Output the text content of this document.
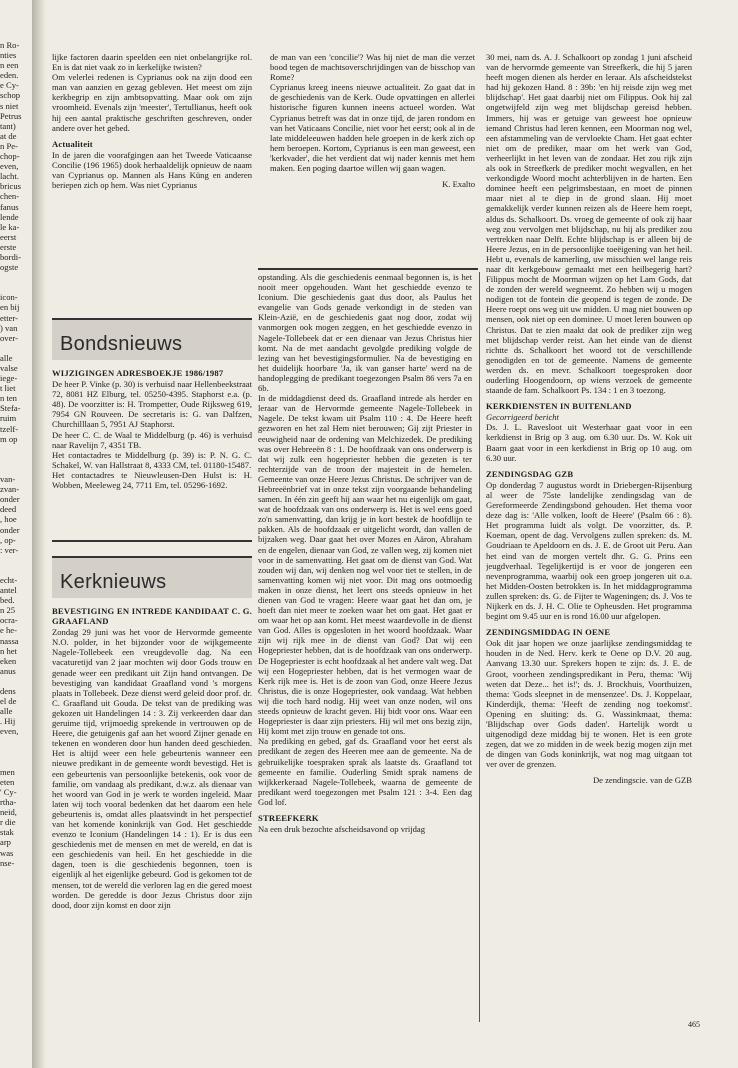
n Ro-
nties
n een
eden.
e Cy-
schop
s niet
Petrus
tant)
at de
n Pe-
chop-
even,
lacht.
bricus
chen-
fanus
lende
le ka-
eerst
erste
bordi-
ogste

icon-
en bij
etter-
) van
over-

alle
valse
iege-
t liet
n ten
Stefa-
ruim
tzelf-
m op

van-
zvan-
onder
deed
, hoe
onder
, op-
: ver-

echt-
antel
bed.
n 25
ocra-
e he-
nassa
n het
eken
anus

dens
el de
alle
. Hij
even,

men
eten
' Cy-
rtha-
neid,
r die
stak
arp
was
nse-

lijke factoren daarin speelden een niet onbelangrijke rol. En is dat niet vaak zo in kerkelijke twisten?
Om velerlei redenen is Cyprianus ook na zijn dood een man van aanzien en gezag gebleven. Het meest om zijn kerkbegrip en zijn ambtsopvatting. Maar ook om zijn vroomheid. Evenals zijn 'meester', Tertullianus, heeft ook hij een aantal praktische geschriften geschreven, onder andere over het gebed.

Actualiteit

In de jaren die voorafgingen aan het Tweede Vaticaanse Concilie (196 1965) dook herhaaldelijk opnieuw de naam van Cyprianus op. Mannen als Hans Küng en anderen beriepen zich op hem. Was niet Cyprianus

de man van een 'concilie'? Was hij niet de man die verzet bood tegen de machtsoverschrijdingen van de bisschop van Rome?
Cyprianus kreeg ineens nieuwe actualiteit. Zo gaat dat in de geschiedenis van de Kerk. Oude opvattingen en allerlei historische figuren kunnen ineens actueel worden. Wat Cyprianus betreft was dat in onze tijd, de jaren rondom en van het Vaticaans Concilie, niet voor het eerst; ook al in de late middeleeuwen hadden hele groepen in de kerk zich op hem beroepen. Kortom, Cyprianus is een man geweest, een 'kerkvader', die het verdient dat wij nader kennis met hem maken. Een poging daartoe willen wij gaan wagen.

K. Exalto

Bondsnieuws
WIJZIGINGEN ADRESBOEKJE 1986/1987

De heer P. Vinke (p. 30) is verhuisd naar Hellenbeekstraat 72, 8081 HZ Elburg, tel. 05250-4395. Staphorst e.a. (p. 48). De voorzitter is: H. Trompetter, Oude Rijksweg 619, 7954 GN Rouveen. De secretaris is: G. van Dalfzen, Churchilllaan 5, 7951 AJ Staphorst.
De heer C. C. de Waal te Middelburg (p. 46) is verhuisd naar Ravelijn 7, 4351 TB.
Het contactadres te Middelburg (p. 39) is: P. N. G. C. Schakel, W. van Hallstraat 8, 4333 CM, tel. 01180-15487.
Het contactadres te Nieuwleusen-Den Hulst is: H. Wobben, Meeleweg 24, 7711 Em, tel. 05296-1692.

Kerknieuws
BEVESTIGING EN INTREDE KANDIDAAT C. G. GRAAFLAND

Zondag 29 juni was het voor de Hervormde gemeente N.O. polder, in het bijzonder voor de wijkgemeente Nagele-Tollebeek een vreugdevolle dag. Na een vacaturetijd van 2 jaar mochten wij door Gods trouw en genade weer een predikant uit Zijn hand ontvangen. De bevestiging van kandidaat Graafland vond 's morgens plaats in Tollebeek. Deze dienst werd geleid door prof. dr. C. Graafland uit Gouda. De tekst van de prediking was gekozen uit Handelingen 14 : 3. Zij verkeerden daar dan geruime tijd, vrijmoedig sprekende in vertrouwen op de Heere, die getuigenis gaf aan het woord Zijner genade en tekenen en wonderen door hun handen deed geschieden. Het is altijd weer een hele gebeurtenis wanneer een nieuwe predikant in de gemeente wordt bevestigd. Het is een gebeurtenis van persoonlijke betekenis, ook voor de familie, om vandaag als predikant, d.w.z. als dienaar van het woord van God in je werk te worden ingeleid. Maar laten wij toch vooral bedenken dat het daarom een hele gebeurtenis is, omdat alles plaatsvindt in het perspectief van het komende koninkrijk van God. Het geschiedde evenzo te Iconium (Handelingen 14 : 1). Er is dus een geschiedenis met de mensen en met de wereld, en dat is een geschiedenis van heil. En het geschiedde in die dagen, toen is die geschiedenis begonnen, toen is eigenlijk al het eigenlijke gebeurd. God is gekomen tot de mensen, tot de wereld die verloren lag en die gered moest worden. De geredde is door Jezus Christus door zijn dood, door zijn komst en door zijn

opstanding. Als die geschiedenis eenmaal begonnen is, is het nooit meer opgehouden. Want het geschiedde evenzo te Iconium. Die geschiedenis gaat dus door, als Paulus het evangelie van Gods genade verkondigt in de steden van Klein-Azië, en de geschiedenis gaat nog door, zodat wij vanmorgen ook mogen zeggen, en het geschiedde evenzo in Nagele-Tollebeek dat er een dienaar van Jezus Christus hier komt. Na de met aandacht gevolgde prediking volgde de lezing van het bevestigingsformulier. Na de bevestiging en het duidelijk hoorbare 'Ja, ik van ganser harte' werd na de handoplegging de predikant toegezongen Psalm 86 vers 7a en 6b.
In de middagdienst deed ds. Graafland intrede als herder en leraar van de Hervormde gemeente Nagele-Tollebeek in Nagele. De tekst kwam uit Psalm 110 : 4. De Heere heeft gezworen en het zal Hem niet berouwen; Gij zijt Priester in eeuwigheid naar de ordening van Melchizedek. De prediking was over Hebreeën 8 : 1. De hoofdzaak van ons onderwerp is dat wij zulk een hogepriester hebben die gezeten is ter rechterzijde van de troon der majesteit in de hemelen. Gemeente van onze Heere Jezus Christus. De schrijver van de Hebreeënbrief vat in onze tekst zijn voorgaande behandeling samen. In één zin geeft hij aan waar het nu eigenlijk om gaat, wat de hoofdzaak van ons onderwerp is. Het is wel eens goed zo'n samenvatting, dan krijg je in kort bestek de hoofdlijn te pakken. Als de hoofdzaak er uitgelicht wordt, dan vallen de bijzaken weg. Daar gaat het over Mozes en Aäron, Abraham en de engelen, dienaar van God, ze vallen weg, zij komen niet voor in de samenvatting. Het gaat om de dienst van God. Wat zouden wij dan, wij denken nog wel voor tiet te stellen, in de samenvatting komen wij niet voor. Dit mag ons ootmoedig maken in onze dienst, het leert ons steeds opnieuw in het dienen van God te vragen: Heere waar gaat het dan om, je hoeft dan niet meer te zoeken waar het om gaat. Het gaat er om waar het op aan komt. Het meest waardevolle in de dienst van God. Alles is opgesloten in het woord hoofdzaak. Waar zijn wij rijk mee in de dienst van God? Dat wij een Hogepriester hebben, dat is de hoofdzaak van ons onderwerp. De Hogepriester is echt hoofdzaak al het andere valt weg. Dat wij een Hogepriester hebben, dat is het vermogen waar de Kerk rijk mee is. Het is de zoon van God, onze Heere Jezus Christus, die is onze Hogepriester, ook vandaag. Wat hebben wij die toch hard nodig. Hij weet van onze noden, wil ons steeds opnieuw de kracht geven. Hij bidt voor ons. Waar een Hogepriester is daar zijn priesters. Hij wil met ons bezig zijn, Hij komt met zijn trouw en genade tot ons.
Na prediking en gebed, gaf ds. Graafland voor het eerst als predikant de zegen des Heeren mee aan de gemeente. Na de gebruikelijke toespraken sprak als laatste ds. Graafland tot gemeente en familie. Ouderling Smidt sprak namens de wijkkerkeraad Nagele-Tollebeek, waarna de gemeente de predikant werd toegezongen met Psalm 121 : 3-4. Een dag God lof.

STREEFKERK

Na een druk bezochte afscheidsavond op vrijdag

30 mei, nam ds. A. J. Schalkoort op zondag 1 juni afscheid van de hervormde gemeente van Streefkerk, die hij 5 jaren heeft mogen dienen als herder en leraar. Als afscheidstekst had hij gekozen Hand. 8 : 39b: 'en hij reisde zijn weg met blijdschap'. Het gaat daarbij niet om Filippus. Ook hij zal ongetwijfeld zijn weg met blijdschap gereisd hebben. Immers, hij was er getuige van geweest hoe opnieuw iemand Christus had leren kennen, een Moorman nog wel, een afstammeling van de vervloekte Cham. Het gaat echter niet om de prediker, maar om het werk van God, verheerlijkt in het leven van de zondaar. Het zou rijk zijn als ook in Streefkerk de prediker mocht wegvallen, en het verkondigde Woord mocht achterblijven in de harten. Een dominee heeft een pelgrimsbestaan, en moet de pinnen maar niet al te diep in de grond slaan. Hij moet gemakkelijk verder kunnen reizen als de Heere hem roept, aldus ds. Schalkoort. Ds. vroeg de gemeente of ook zij haar weg zou vervolgen met blijdschap, nu hij als prediker zou vertrekken naar Delft. Echte blijdschap is er alleen bij de Heere Jezus, en in de persoonlijke toeëigening van het heil. Hebt u, evenals de kamerling, uw misschien wel lange reis naar dit kerkgebouw gemaakt met een heilbegerig hart? Filippus mocht de Moorman wijzen op het Lam Gods, dat de zonden der wereld wegneemt. Zo hebben wij u mogen nodigen tot de fontein die geopend is tegen de zonde. De Heere roept ons weg uit uw midden. U mag niet bouwen op mensen, ook niet op een dominee. U moet leren bouwen op Christus. Dat te zien maakt dat ook de prediker zijn weg met blijdschap verder reist. Aan het einde van de dienst richtte ds. Schalkoort het woord tot de verschillende genodigden en tot de gemeente. Namens de gemeente werden ds. en mevr. Schalkoort toegesproken door ouderling Hoogendoorn, op wiens verzoek de gemeente staande de fam. Schalkoort Ps. 134 : 1 en 3 toezong.

KERKDIENSTEN IN BUITENLAND
Gecorrigeerd bericht

Ds. J. L. Ravesloot uit Westerhaar gaat voor in een kerkdienst in Brig op 3 aug. om 6.30 uur. Ds. W. Kok uit Baarn gaat voor in een kerkdienst in Brig op 10 aug. om 6.30 uur.

ZENDINGSDAG GZB

Op donderdag 7 augustus wordt in Driebergen-Rijsenburg al weer de 75ste landelijke zendingsdag van de Gereformeerde Zendingsbond gehouden. Het thema voor deze dag is: 'Alle volken, looft de Heere' (Psalm 66 : 8). Het programma luidt als volgt. De voorzitter, ds. P. Koeman, opent de dag. Vervolgens zullen spreken: ds. M. Goudriaan te Apeldoorn en ds. J. E. de Groot uit Peru. Aan het eind van de morgen vertelt dhr. G. G. Prins een jeugdverhaal. Tegelijkertijd is er voor de jongeren een nevenprogramma, waarbij ook een groep jongeren uit o.a. het Midden-Oosten betrokken is. In het middagprogramma zullen spreken: ds. G. de Fijter te Wageningen; ds. J. Vos te Nijkerk en ds. J. H. C. Olie te Opheusden. Het programma begint om 9.45 uur en is rond 16.00 uur afgelopen.

ZENDINGSMIDDAG IN OENE

Ook dit jaar hopen we onze jaarlijkse zendingsmiddag te houden in de Ned. Herv. kerk te Oene op D.V. 20 aug. Aanvang 13.30 uur. Sprekers hopen te zijn: ds. J. E. de Groot, voorheen zendingspredikant in Peru, thema: 'Wij weten dat Deze... het is!'; ds. J. Brockhuis, Voorthuizen, thema: 'Gods sleepnet in de mensenzee'. Ds. J. Koppelaar, Kinderdijk, thema: 'Heeft de zending nog toekomst'. Opening en sluiting: ds. G. Wassinkmaat, thema: 'Blijdschap over Gods daden'. Hartelijk wordt u uitgenodigd deze middag bij te wonen. Het is een grote zegen, dat we zo midden in de week bezig mogen zijn met de dingen van Gods koninkrijk, wat nog mag uitgaan tot ver over de grenzen.

De zendingscie. van de GZB

465
